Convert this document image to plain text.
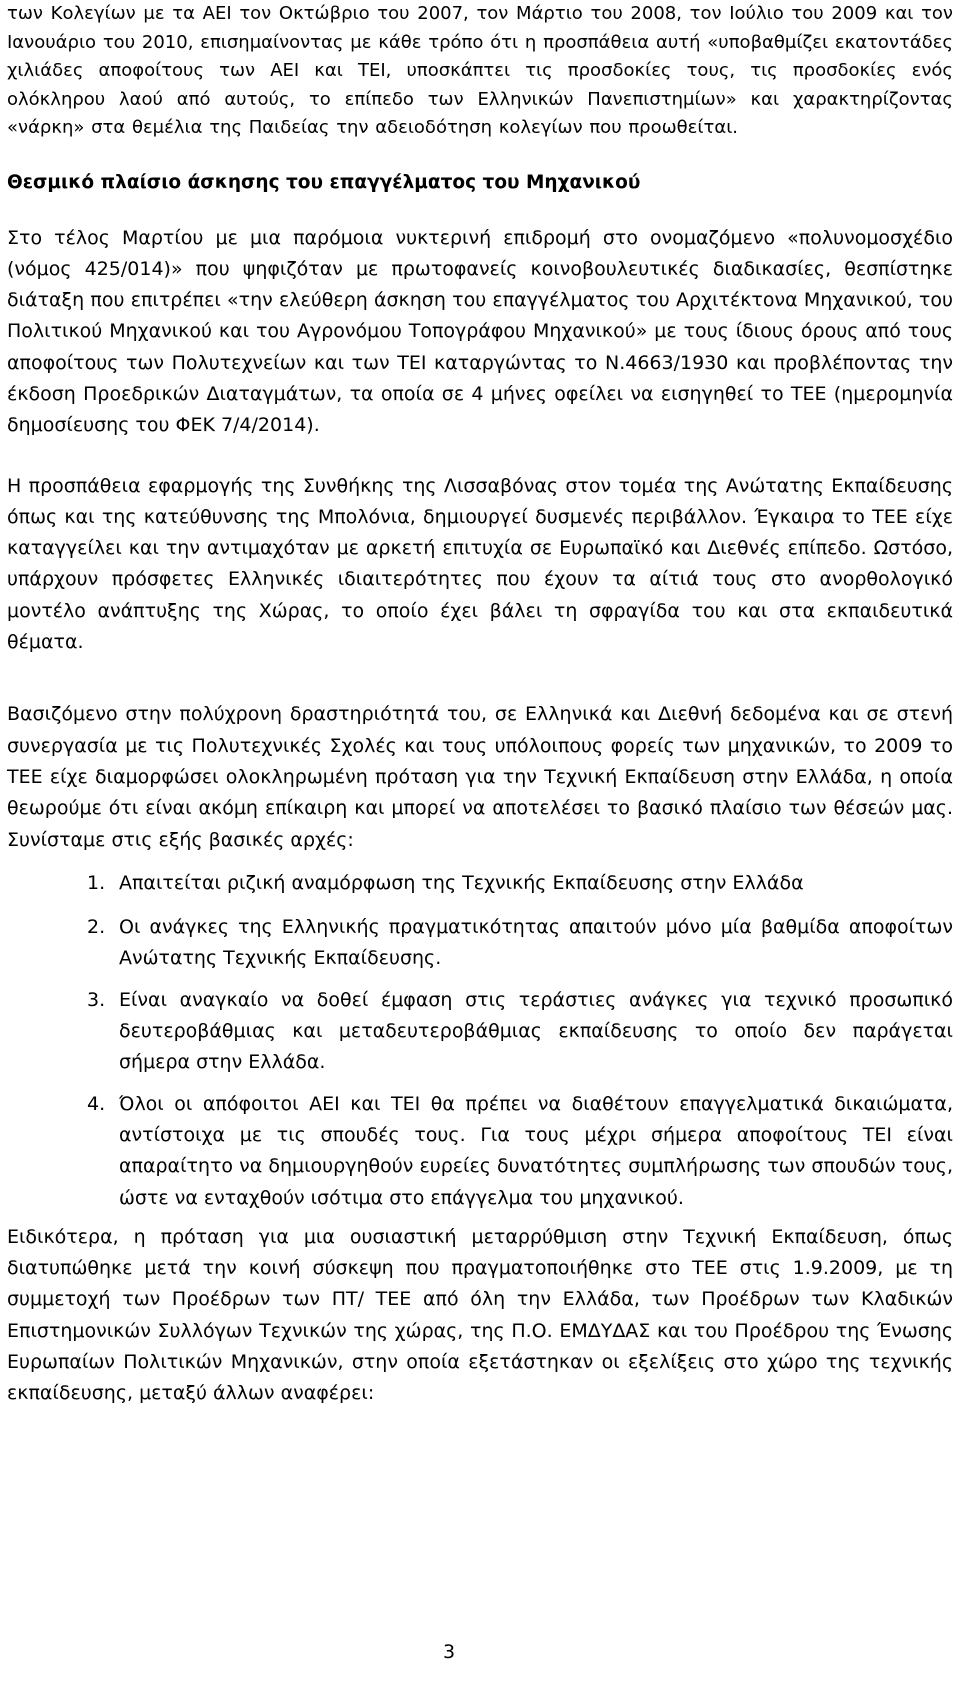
των Κολεγίων με τα ΑΕΙ τον Οκτώβριο του 2007, τον Μάρτιο του 2008, τον Ιούλιο του 2009 και τον Ιανουάριο του 2010, επισημαίνοντας με κάθε τρόπο ότι η προσπάθεια αυτή «υποβαθμίζει εκατοντάδες χιλιάδες αποφοίτους των ΑΕΙ και ΤΕΙ, υποσκάπτει τις προσδοκίες τους, τις προσδοκίες ενός ολόκληρου λαού από αυτούς, το επίπεδο των Ελληνικών Πανεπιστημίων» και χαρακτηρίζοντας «νάρκη» στα θεμέλια της Παιδείας την αδειοδότηση κολεγίων που προωθείται.

Θεσμικό πλαίσιο άσκησης του επαγγέλματος του Μηχανικού

Στο τέλος Μαρτίου με μια παρόμοια νυκτερινή επιδρομή στο ονομαζόμενο «πολυνομοσχέδιο (νόμος 425/014)» που ψηφιζόταν με πρωτοφανείς κοινοβουλευτικές διαδικασίες, θεσπίστηκε διάταξη που επιτρέπει «την ελεύθερη άσκηση του επαγγέλματος του Αρχιτέκτονα Μηχανικού, του Πολιτικού Μηχανικού και του Αγρονόμου Τοπογράφου Μηχανικού» με τους ίδιους όρους από τους αποφοίτους των Πολυτεχνείων και των ΤΕΙ καταργώντας το Ν.4663/1930 και προβλέποντας την έκδοση Προεδρικών Διαταγμάτων, τα οποία σε 4 μήνες οφείλει να εισηγηθεί το ΤΕΕ (ημερομηνία δημοσίευσης του ΦΕΚ 7/4/2014).

Η προσπάθεια εφαρμογής της Συνθήκης της Λισσαβόνας στον τομέα της Ανώτατης Εκπαίδευσης όπως και της κατεύθυνσης της Μπολόνια, δημιουργεί δυσμενές περιβάλλον. Έγκαιρα το ΤΕΕ είχε καταγγείλει και την αντιμαχόταν με αρκετή επιτυχία σε Ευρωπαϊκό και Διεθνές επίπεδο. Ωστόσο, υπάρχουν πρόσφετες Ελληνικές ιδιαιτερότητες που έχουν τα αίτιά τους στο ανορθολογικό μοντέλο ανάπτυξης της Χώρας, το οποίο έχει βάλει τη σφραγίδα του και στα εκπαιδευτικά θέματα.

Βασιζόμενο στην πολύχρονη δραστηριότητά του, σε Ελληνικά και Διεθνή δεδομένα και σε στενή συνεργασία με τις Πολυτεχνικές Σχολές και τους υπόλοιπους φορείς των μηχανικών, το 2009 το ΤΕΕ είχε διαμορφώσει ολοκληρωμένη πρόταση για την Τεχνική Εκπαίδευση στην Ελλάδα, η οποία θεωρούμε ότι είναι ακόμη επίκαιρη και μπορεί να αποτελέσει το βασικό πλαίσιο των θέσεών μας. Συνίσταμε στις εξής βασικές αρχές:

1. Απαιτείται ριζική αναμόρφωση της Τεχνικής Εκπαίδευσης στην Ελλάδα
2. Οι ανάγκες της Ελληνικής πραγματικότητας απαιτούν μόνο μία βαθμίδα αποφοίτων Ανώτατης Τεχνικής Εκπαίδευσης.
3. Είναι αναγκαίο να δοθεί έμφαση στις τεράστιες ανάγκες για τεχνικό προσωπικό δευτεροβάθμιας και μεταδευτεροβάθμιας εκπαίδευσης το οποίο δεν παράγεται σήμερα στην Ελλάδα.
4. Όλοι οι απόφοιτοι ΑΕΙ και ΤΕΙ θα πρέπει να διαθέτουν επαγγελματικά δικαιώματα, αντίστοιχα με τις σπουδές τους. Για τους μέχρι σήμερα αποφοίτους ΤΕΙ είναι απαραίτητο να δημιουργηθούν ευρείες δυνατότητες συμπλήρωσης των σπουδών τους, ώστε να ενταχθούν ισότιμα στο επάγγελμα του μηχανικού.

Ειδικότερα, η πρόταση για μια ουσιαστική μεταρρύθμιση στην Τεχνική Εκπαίδευση, όπως διατυπώθηκε μετά την κοινή σύσκεψη που πραγματοποιήθηκε στο ΤΕΕ στις 1.9.2009, με τη συμμετοχή των Προέδρων των ΠΤ/ ΤΕΕ από όλη την Ελλάδα, των Προέδρων των Κλαδικών Επιστημονικών Συλλόγων Τεχνικών της χώρας, της Π.Ο. ΕΜΔΥΔΑΣ και του Προέδρου της Ένωσης Ευρωπαίων Πολιτικών Μηχανικών, στην οποία εξετάστηκαν οι εξελίξεις στο χώρο της τεχνικής εκπαίδευσης, μεταξύ άλλων αναφέρει:

3
